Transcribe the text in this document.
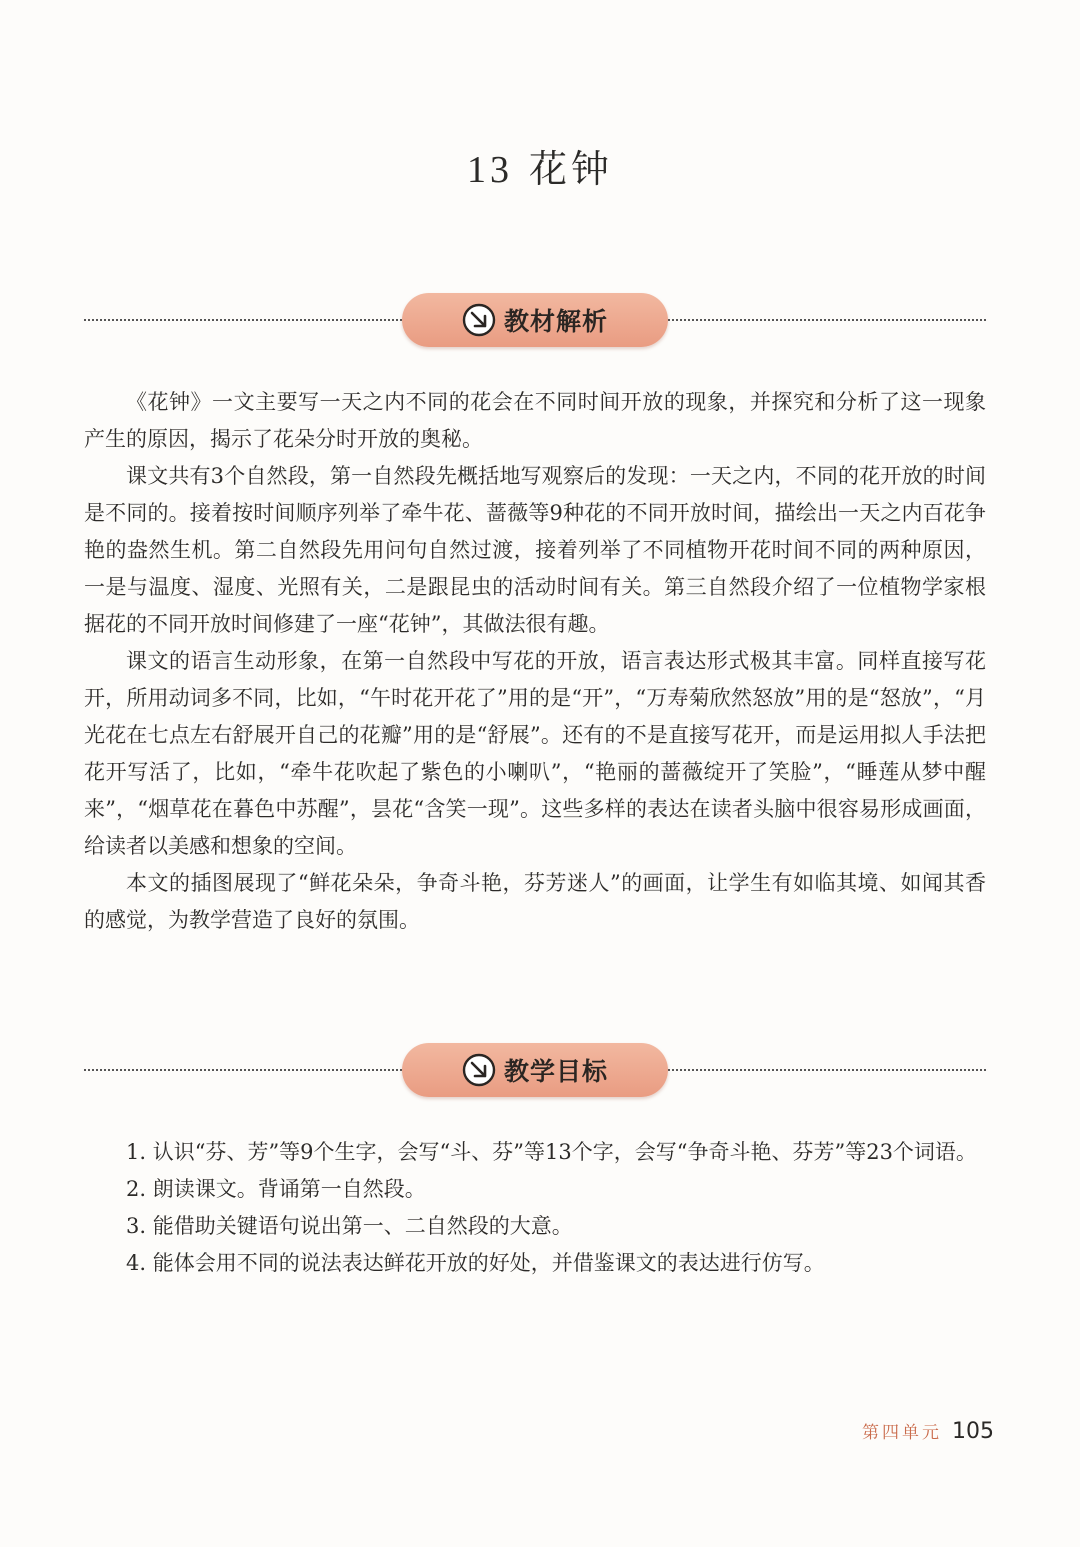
13 花钟
教材解析

《花钟》一文主要写一天之内不同的花会在不同时间开放的现象，并探究和分析了这一现象产生的原因，揭示了花朵分时开放的奥秘。

课文共有3个自然段，第一自然段先概括地写观察后的发现：一天之内，不同的花开放的时间是不同的。接着按时间顺序列举了牵牛花、蔷薇等9种花的不同开放时间，描绘出一天之内百花争艳的盎然生机。第二自然段先用问句自然过渡，接着列举了不同植物开花时间不同的两种原因，一是与温度、湿度、光照有关，二是跟昆虫的活动时间有关。第三自然段介绍了一位植物学家根据花的不同开放时间修建了一座“花钟”，其做法很有趣。

课文的语言生动形象，在第一自然段中写花的开放，语言表达形式极其丰富。同样直接写花开，所用动词多不同，比如，“午时花开花了”用的是“开”，“万寿菊欣然怒放”用的是“怒放”，“月光花在七点左右舒展开自己的花瓣”用的是“舒展”。还有的不是直接写花开，而是运用拟人手法把花开写活了，比如，“牵牛花吹起了紫色的小喇叭”，“艳丽的蔷薇绽开了笑脸”，“睡莲从梦中醒来”，“烟草花在暮色中苏醒”，昙花“含笑一现”。这些多样的表达在读者头脑中很容易形成画面，给读者以美感和想象的空间。

本文的插图展现了“鲜花朵朵，争奇斗艳，芬芳迷人”的画面，让学生有如临其境、如闻其香的感觉，为教学营造了良好的氛围。

教学目标

1. 认识“芬、芳”等9个生字，会写“斗、芬”等13个字，会写“争奇斗艳、芬芳”等23个词语。

2. 朗读课文。背诵第一自然段。

3. 能借助关键语句说出第一、二自然段的大意。

4. 能体会用不同的说法表达鲜花开放的好处，并借鉴课文的表达进行仿写。

第四单元 105
